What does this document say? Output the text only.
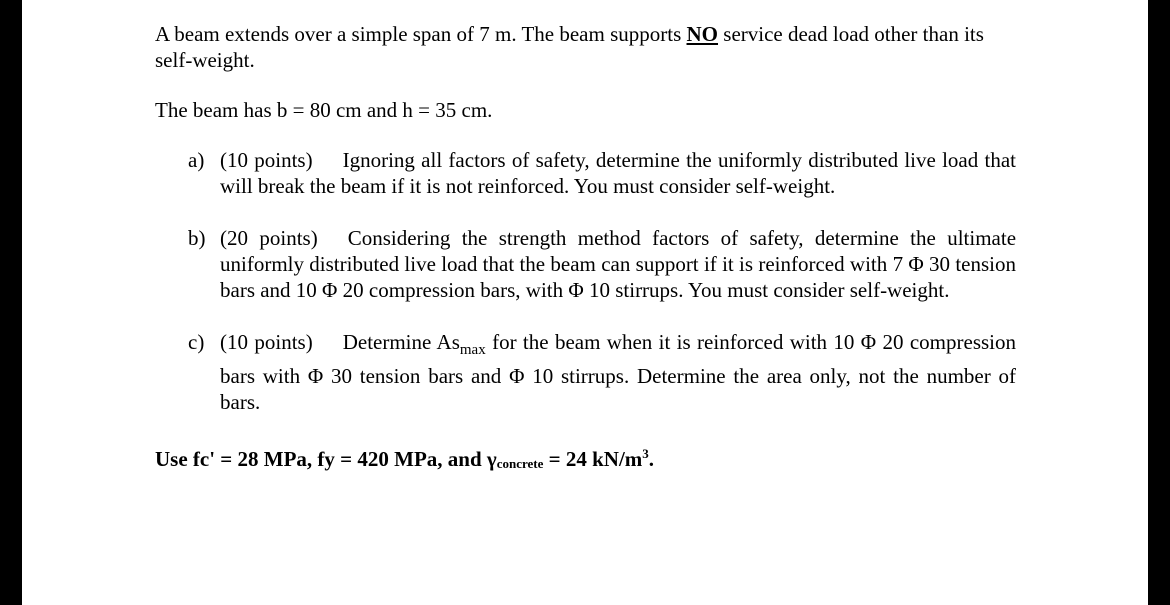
A beam extends over a simple span of 7 m. The beam supports NO service dead load other than its self-weight.

The beam has b = 80 cm and h = 35 cm.

a) (10 points) Ignoring all factors of safety, determine the uniformly distributed live load that will break the beam if it is not reinforced. You must consider self-weight.
b) (20 points) Considering the strength method factors of safety, determine the ultimate uniformly distributed live load that the beam can support if it is reinforced with 7 Φ 30 tension bars and 10 Φ 20 compression bars, with Φ 10 stirrups. You must consider self-weight.
c) (10 points) Determine $As_{max}$ for the beam when it is reinforced with 10 Φ 20 compression bars with Φ 30 tension bars and Φ 10 stirrups. Determine the area only, not the number of bars.

Use fc' = 28 MPa, fy = 420 MPa, and γconcrete = 24 $kN/m^3$.
